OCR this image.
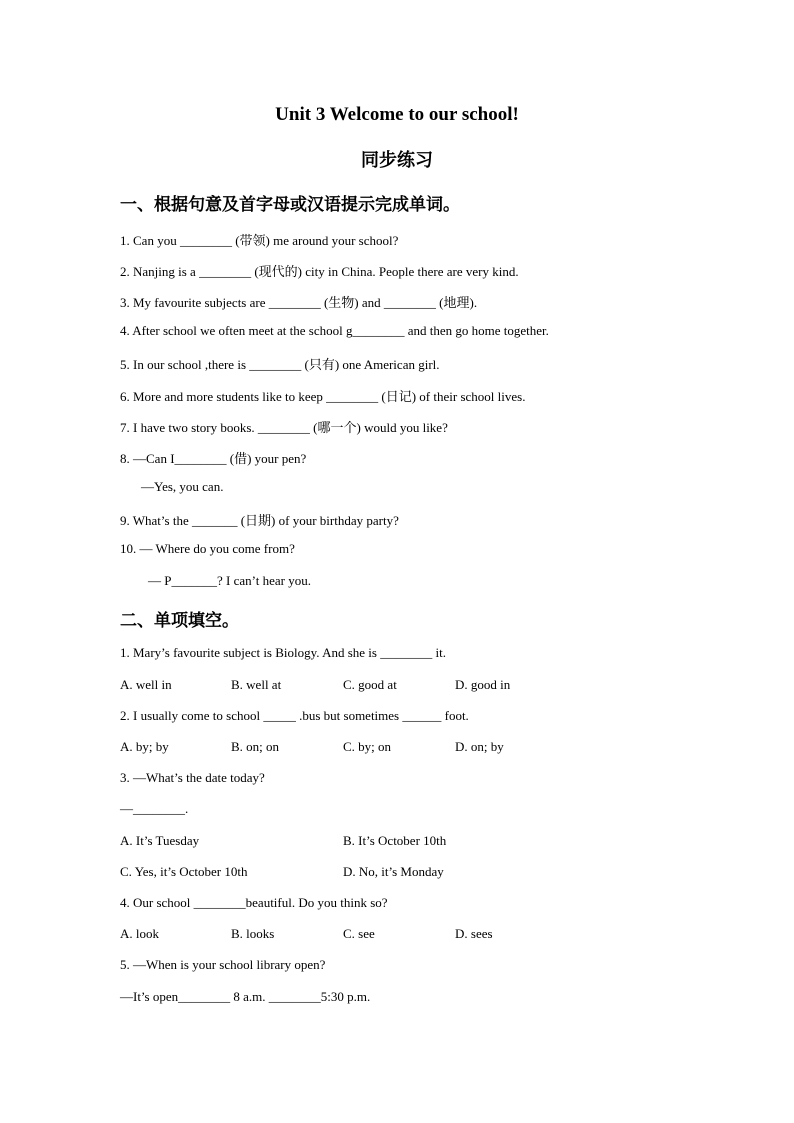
Unit 3 Welcome to our school!
同步练习
一、根据句意及首字母或汉语提示完成单词。
1. Can you ________ (带领) me around your school?
2. Nanjing is a ________ (现代的) city in China. People there are very kind.
3. My favourite subjects are ________ (生物) and ________ (地理).
4. After school we often meet at the school g________ and then go home together.
5. In our school ,there is ________ (只有) one American girl.
6. More and more students like to keep ________ (日记) of their school lives.
7. I have two story books. ________ (哪一个) would you like?
8. —Can I________ (借) your pen?
—Yes, you can.
9. What’s the _______ (日期) of your birthday party?
10. — Where do you come from?
— P_______? I can’t hear you.
二、单项填空。
1. Mary’s favourite subject is Biology. And she is ________ it.
A. well in	B. well at	C. good at	D. good in
2. I usually come to school _____ .bus but sometimes ______ foot.
A. by; by	B. on; on	C. by; on	D. on; by
3. —What’s the date today?
—________.
A. It’s Tuesday	B. It’s October 10th
C. Yes, it’s October 10th	D. No, it’s Monday
4. Our school ________beautiful. Do you think so?
A. look	B. looks	C. see	D. sees
5. —When is your school library open?
—It’s open________ 8 a.m. ________5:30 p.m.
